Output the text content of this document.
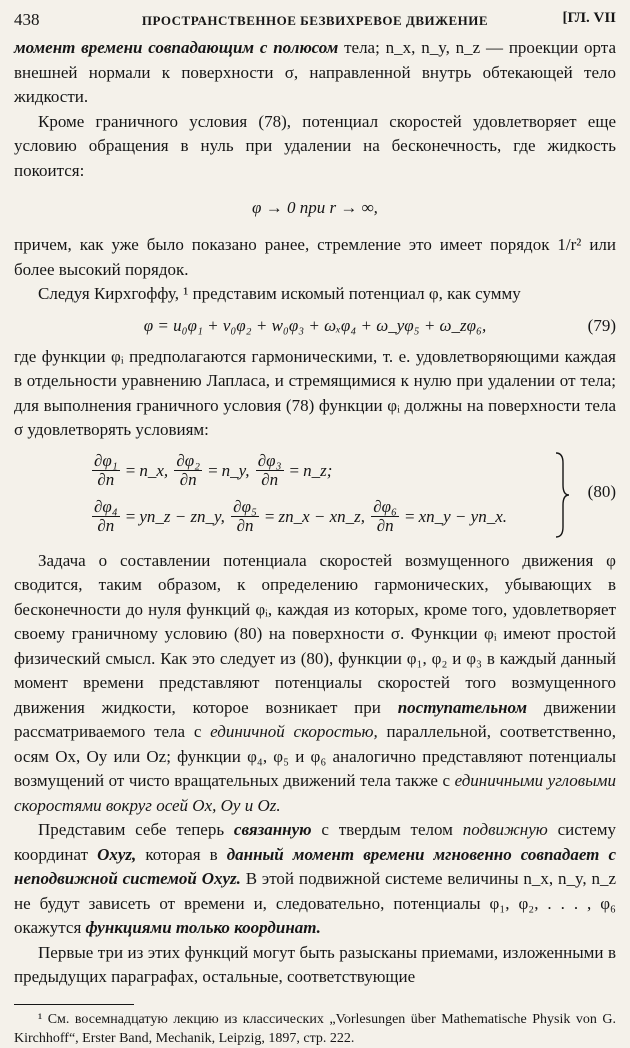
438	ПРОСТРАНСТВЕННОЕ БЕЗВИХРЕВОЕ ДВИЖЕНИЕ	[ГЛ. VII

момент времени совпадающим с полюсом тела; n_x, n_y, n_z — проекции орта внешней нормали к поверхности σ, направленной внутрь обтекающей тело жидкости.

Кроме граничного условия (78), потенциал скоростей удовлетворяет еще условию обращения в нуль при удалении на бесконечность, где жидкость покоится:

φ → 0 при r → ∞,

причем, как уже было показано ранее, стремление это имеет порядок 1/r² или более высокий порядок.

Следуя Кирхгоффу, ¹ представим искомый потенциал φ, как сумму

φ = u₀φ₁ + v₀φ₂ + w₀φ₃ + ωₓφ₄ + ω_yφ₅ + ω_zφ₆,	(79)

где функции φᵢ предполагаются гармоническими, т. е. удовлетворяющими каждая в отдельности уравнению Лапласа, и стремящимися к нулю при удалении от тела; для выполнения граничного условия (78) функции φᵢ должны на поверхности тела σ удовлетворять условиям:

$\frac{\text{∂φ₁}}{\partial n}$ = n_x,
$\frac{\text{∂φ₂}}{\partial n}$ = n_y,
$\frac{\text{∂φ₃}}{\partial n}$ = n_z;
$\frac{\text{∂φ₄}}{\partial n}$ = yn_z − zn_y,
$\frac{\text{∂φ₅}}{\partial n}$ = zn_x − xn_z,
$\frac{\text{∂φ₆}}{\partial n}$ = xn_y − yn_x.
(80)

Задача о составлении потенциала скоростей возмущенного движения φ сводится, таким образом, к определению гармонических, убывающих в бесконечности до нуля функций φᵢ, каждая из которых, кроме того, удовлетворяет своему граничному условию (80) на поверхности σ. Функции φᵢ имеют простой физический смысл. Как это следует из (80), функции φ₁, φ₂ и φ₃ в каждый данный момент времени представляют потенциалы скоростей того возмущенного движения жидкости, которое возникает при поступательном движении рассматриваемого тела с единичной скоростью, параллельной, соответственно, осям Ox, Oy или Oz; функции φ₄, φ₅ и φ₆ аналогично представляют потенциалы возмущений от чисто вращательных движений тела также с единичными угловыми скоростями вокруг осей Ox, Oy и Oz.

Представим себе теперь связанную с твердым телом подвижную систему координат Oxyz, которая в данный момент времени мгновенно совпадает с неподвижной системой Oxyz. В этой подвижной системе величины n_x, n_y, n_z не будут зависеть от времени и, следовательно, потенциалы φ₁, φ₂, . . . , φ₆ окажутся функциями только координат.

Первые три из этих функций могут быть разысканы приемами, изложенными в предыдущих параграфах, остальные, соответствующие

¹ См. восемнадцатую лекцию из классических „Vorlesungen über Mathematische Physik von G. Kirchhoff“, Erster Band, Mechanik, Leipzig, 1897, стр. 222.
